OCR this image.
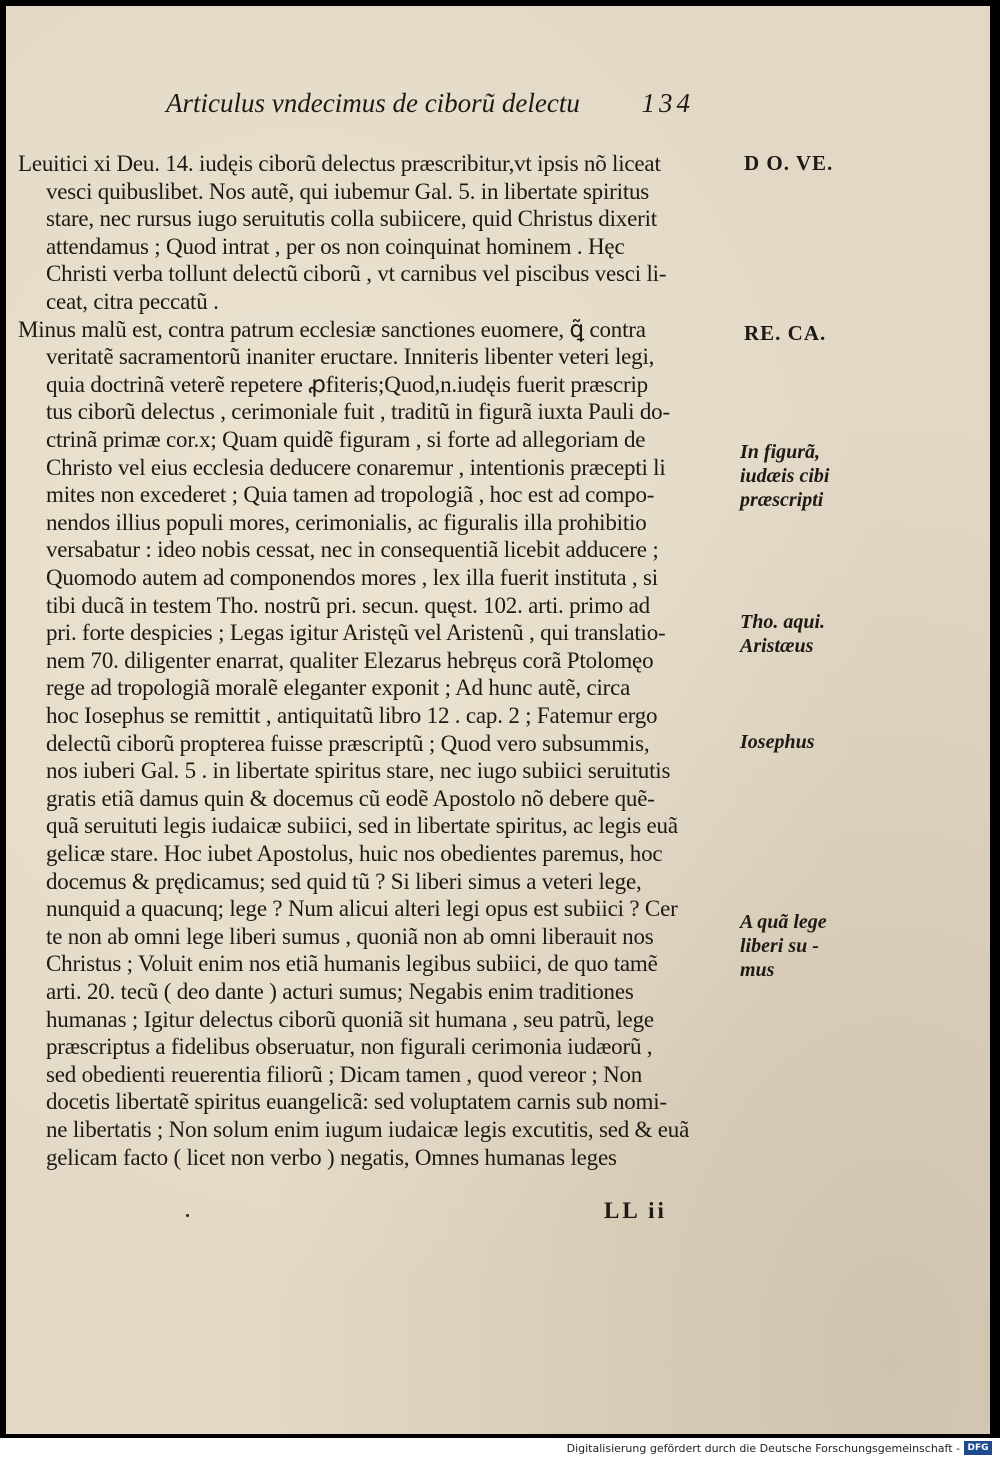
Articulus vndecimus de ciborũ delectu 134
Leuitici xi Deu. 14. iudęis ciborũ delectus præscribitur,vt ipsis nõ liceat
vesci quibuslibet. Nos autẽ, qui iubemur Gal. 5. in libertate spiritus
stare, nec rursus iugo seruitutis colla subiicere, quid Christus dixerit
attendamus ; Quod intrat , per os non coinquinat hominem . Hęc
Christi verba tollunt delectũ ciborũ , vt carnibus vel piscibus vesci li-
ceat, citra peccatũ .
Minus malũ est, contra patrum ecclesiæ sanctiones euomere, ꝗ̃ contra
veritatẽ sacramentorũ inaniter eructare. Inniteris libenter veteri legi,
quia doctrinã veterẽ repetere ꝓfiteris;Quod,n.iudęis fuerit præscrip
tus ciborũ delectus , cerimoniale fuit , traditũ in figurã iuxta Pauli do-
ctrinã primæ cor.x; Quam quidẽ figuram , si forte ad allegoriam de
Christo vel eius ecclesia deducere conaremur , intentionis præcepti li
mites non excederet ; Quia tamen ad tropologiã , hoc est ad compo-
nendos illius populi mores, cerimonialis, ac figuralis illa prohibitio
versabatur : ideo nobis cessat, nec in consequentiã licebit adducere ;
Quomodo autem ad componendos mores , lex illa fuerit instituta , si
tibi ducã in testem Tho. nostrũ pri. secun. quęst. 102. arti. primo ad
pri. forte despicies ; Legas igitur Aristęũ vel Aristenũ , qui translatio-
nem 70. diligenter enarrat, qualiter Elezarus hebręus corã Ptolomęo
rege ad tropologiã moralẽ eleganter exponit ; Ad hunc autẽ, circa
hoc Iosephus se remittit , antiquitatũ libro 12 . cap. 2 ; Fatemur ergo
delectũ ciborũ propterea fuisse præscriptũ ; Quod vero subsummis,
nos iuberi Gal. 5 . in libertate spiritus stare, nec iugo subiici seruitutis
gratis etiã damus quin & docemus cũ eodẽ Apostolo nõ debere quẽ-
quã seruituti legis iudaicæ subiici, sed in libertate spiritus, ac legis euã
gelicæ stare. Hoc iubet Apostolus, huic nos obedientes paremus, hoc
docemus & prędicamus; sed quid tũ ? Si liberi simus a veteri lege,
nunquid a quacunq; lege ? Num alicui alteri legi opus est subiici ? Cer
te non ab omni lege liberi sumus , quoniã non ab omni liberauit nos
Christus ; Voluit enim nos etiã humanis legibus subiici, de quo tamẽ
arti. 20. tecũ ( deo dante ) acturi sumus; Negabis enim traditiones
humanas ; Igitur delectus ciborũ quoniã sit humana , seu patrũ, lege
præscriptus a fidelibus obseruatur, non figurali cerimonia iudæorũ ,
sed obedienti reuerentia filiorũ ; Dicam tamen , quod vereor ; Non
docetis libertatẽ spiritus euangelicã: sed voluptatem carnis sub nomi-
ne libertatis ; Non solum enim iugum iudaicæ legis excutitis, sed & euã
gelicam facto ( licet non verbo ) negatis, Omnes humanas leges
D O. VE.
RE. CA.
In figurã,
iudæis cibi
præscripti
Tho. aqui.
Aristæus
Iosephus
A quã lege
liberi su -
mus
LL ii
Digitalisierung gefördert durch die Deutsche Forschungsgemeinschaft - DFG
